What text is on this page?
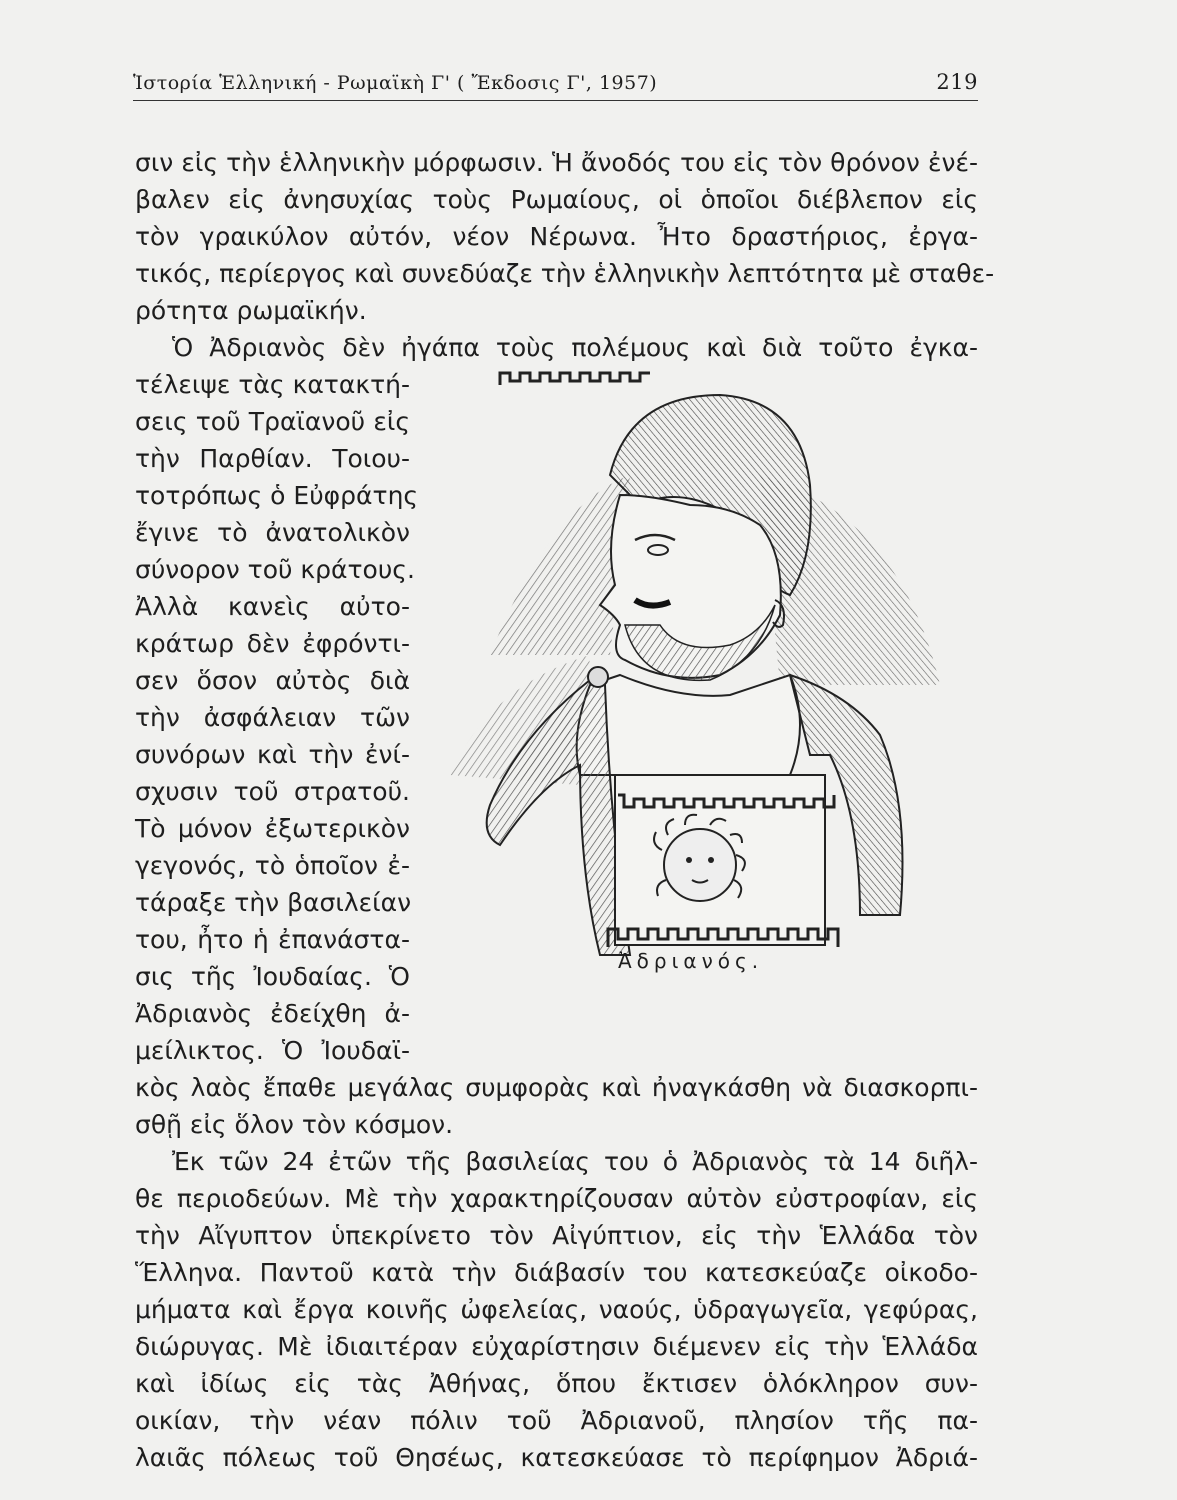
Ἱστορία Ἑλληνική - Ρωμαϊκὴ Γ' ( Ἔκδοσις Γ', 1957)	219
σιν εἰς τὴν ἑλληνικὴν μόρφωσιν. Ἡ ἄνοδός του εἰς τὸν θρόνον ἐνέ-
βαλεν εἰς ἀνησυχίας τοὺς Ρωμαίους, οἱ ὁποῖοι διέβλεπον εἰς
τὸν γραικύλον αὐτόν, νέον Νέρωνα. Ἦτο δραστήριος, ἐργα-
τικός, περίεργος καὶ συνεδύαζε τὴν ἑλληνικὴν λεπτότητα μὲ σταθε-
ρότητα ρωμαϊκήν.
Ὁ Ἀδριανὸς δὲν ἠγάπα τοὺς πολέμους καὶ διὰ τοῦτο ἐγκα-
τέλειψε τὰς κατακτή-
σεις τοῦ Τραϊανοῦ εἰς
τὴν Παρθίαν. Τοιου-
τοτρόπως ὁ Εὐφράτης
ἔγινε τὸ ἀνατολικὸν
σύνορον τοῦ κράτους.
Ἀλλὰ κανεὶς αὐτο-
κράτωρ δὲν ἐφρόντι-
σεν ὅσον αὐτὸς διὰ
τὴν ἀσφάλειαν τῶν
συνόρων καὶ τὴν ἐνί-
σχυσιν τοῦ στρατοῦ.
Τὸ μόνον ἐξωτερικὸν
γεγονός, τὸ ὁποῖον ἐ-
τάραξε τὴν βασιλείαν
του, ἦτο ἡ ἐπανάστα-
σις τῆς Ἰουδαίας. Ὁ
Ἀδριανὸς ἐδείχθη ἀ-
μείλικτος. Ὁ Ἰουδαϊ-
κὸς λαὸς ἔπαθε μεγάλας συμφορὰς καὶ ἠναγκάσθη νὰ διασκορπι-
σθῇ εἰς ὅλον τὸν κόσμον.
Ἐκ τῶν 24 ἐτῶν τῆς βασιλείας του ὁ Ἀδριανὸς τὰ 14 διῆλ-
θε περιοδεύων. Μὲ τὴν χαρακτηρίζουσαν αὐτὸν εὐστροφίαν, εἰς
τὴν Αἴγυπτον ὑπεκρίνετο τὸν Αἰγύπτιον, εἰς τὴν Ἑλλάδα τὸν
Ἕλληνα. Παντοῦ κατὰ τὴν διάβασίν του κατεσκεύαζε οἰκοδο-
μήματα καὶ ἔργα κοινῆς ὠφελείας, ναούς, ὑδραγωγεῖα, γεφύρας,
διώρυγας. Μὲ ἰδιαιτέραν εὐχαρίστησιν διέμενεν εἰς τὴν Ἑλλάδα
καὶ ἰδίως εἰς τὰς Ἀθήνας, ὅπου ἔκτισεν ὁλόκληρον συν-
οικίαν, τὴν νέαν πόλιν τοῦ Ἀδριανοῦ, πλησίον τῆς πα-
λαιᾶς πόλεως τοῦ Θησέως, κατεσκεύασε τὸ περίφημον Ἀδριά-
Ἀδριανός.
